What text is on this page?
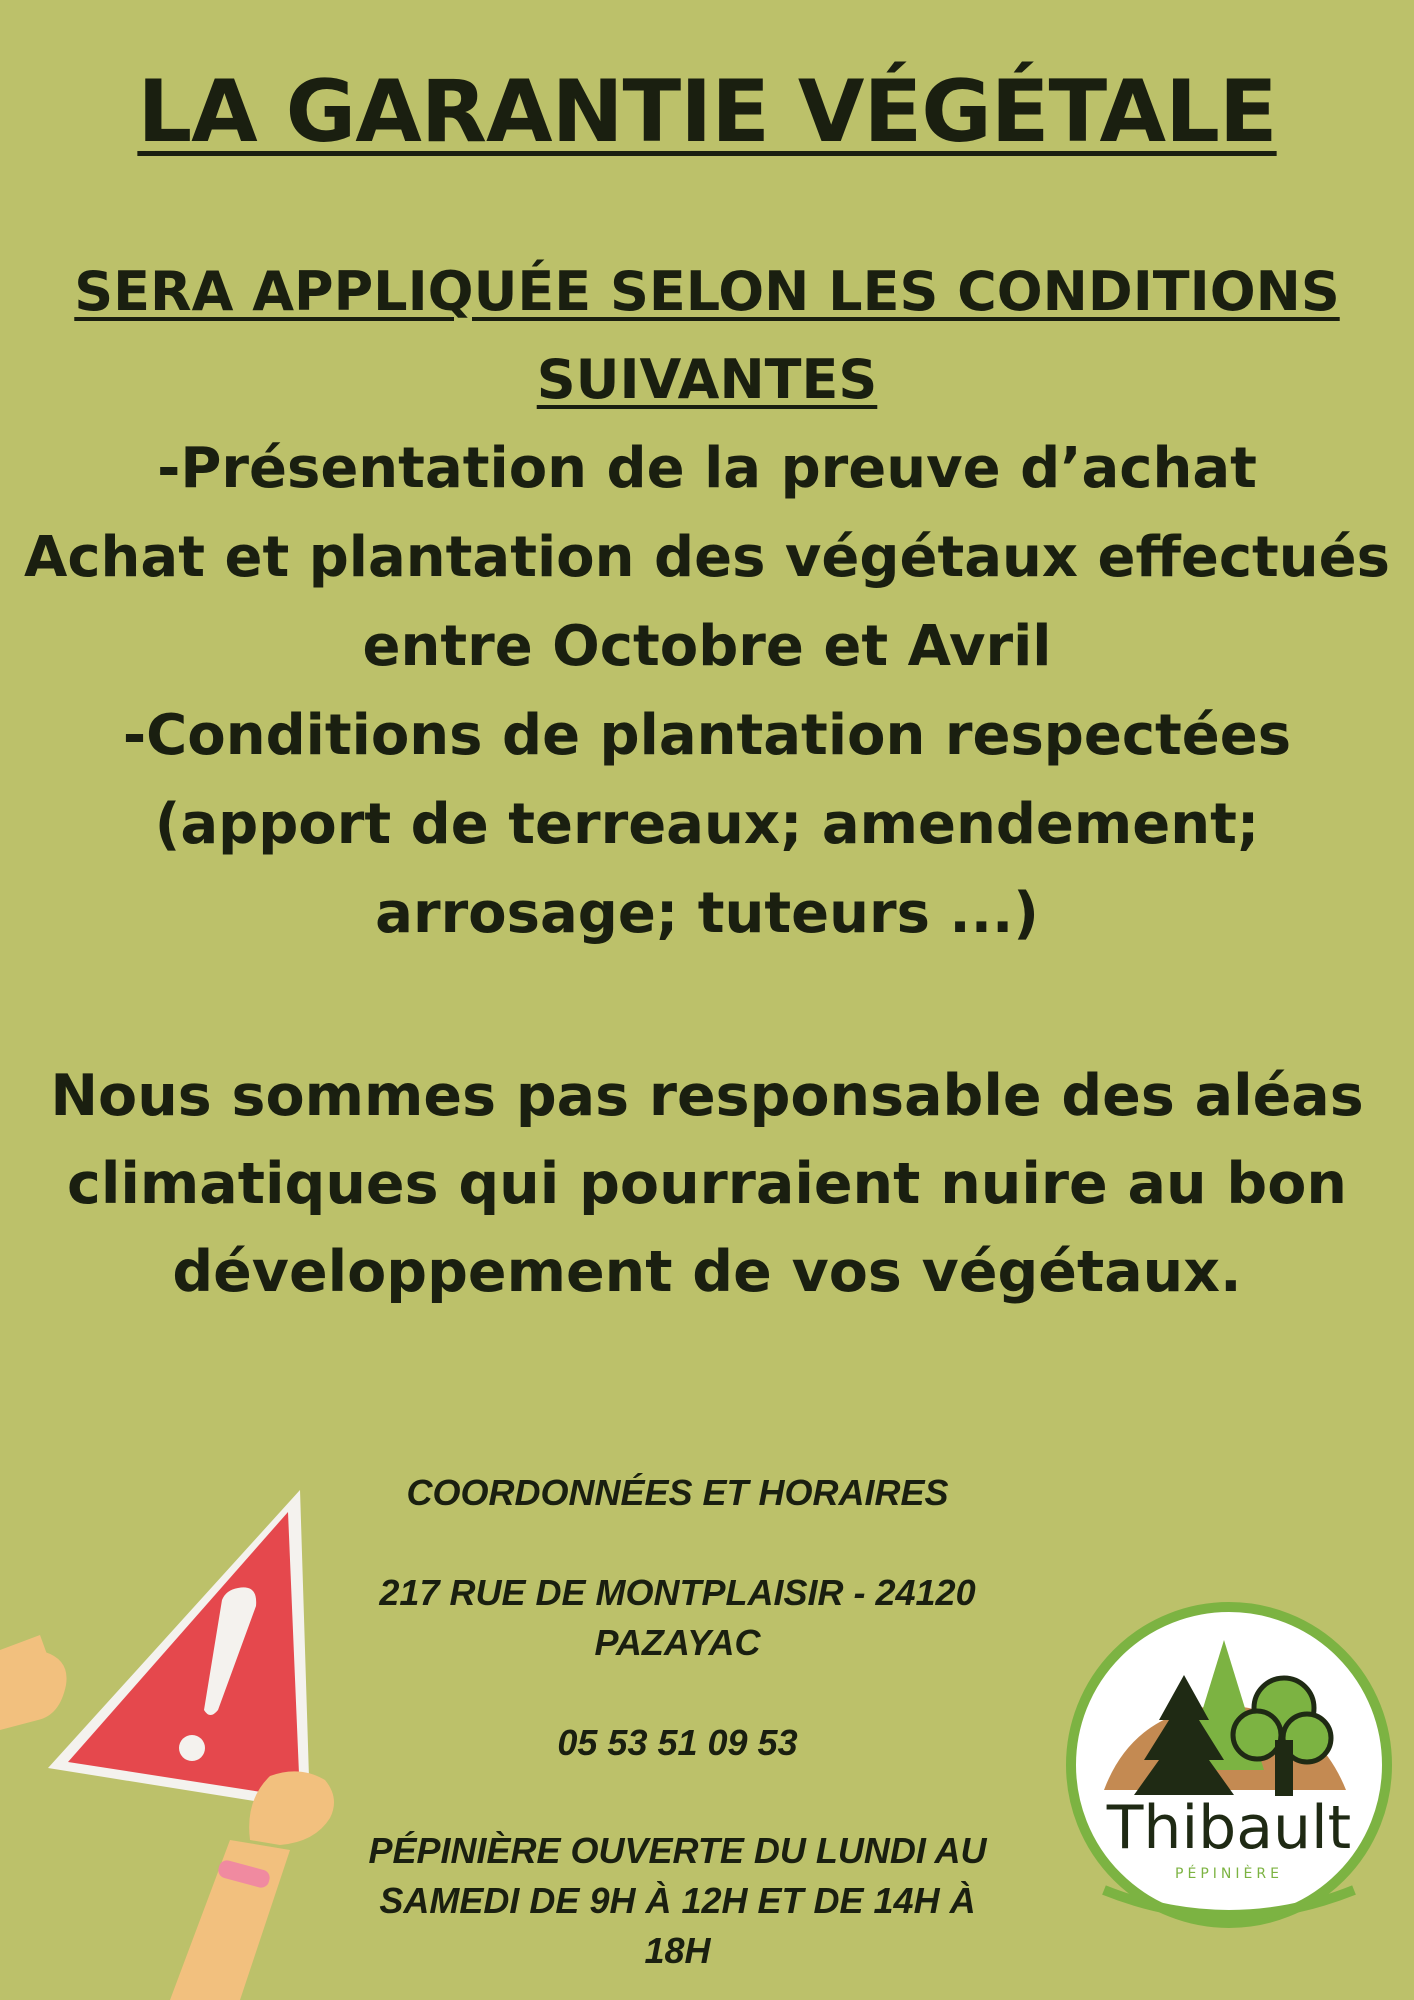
LA GARANTIE VÉGÉTALE
SERA APPLIQUÉE SELON LES CONDITIONS
SUIVANTES
-Présentation de la preuve d’achat
Achat et plantation des végétaux effectués
entre Octobre et Avril
-Conditions de plantation respectées
(apport de terreaux; amendement;
arrosage; tuteurs ...)
Nous sommes pas responsable des aléas
climatiques qui pourraient nuire au bon
développement de vos végétaux.

COORDONNÉES ET HORAIRES

217 RUE DE MONTPLAISIR - 24120

PAZAYAC

05 53 51 09 53

PÉPINIÈRE OUVERTE DU LUNDI AU

SAMEDI DE 9H À 12H ET DE 14H À

18H

Thibault
PÉPINIÈRE
